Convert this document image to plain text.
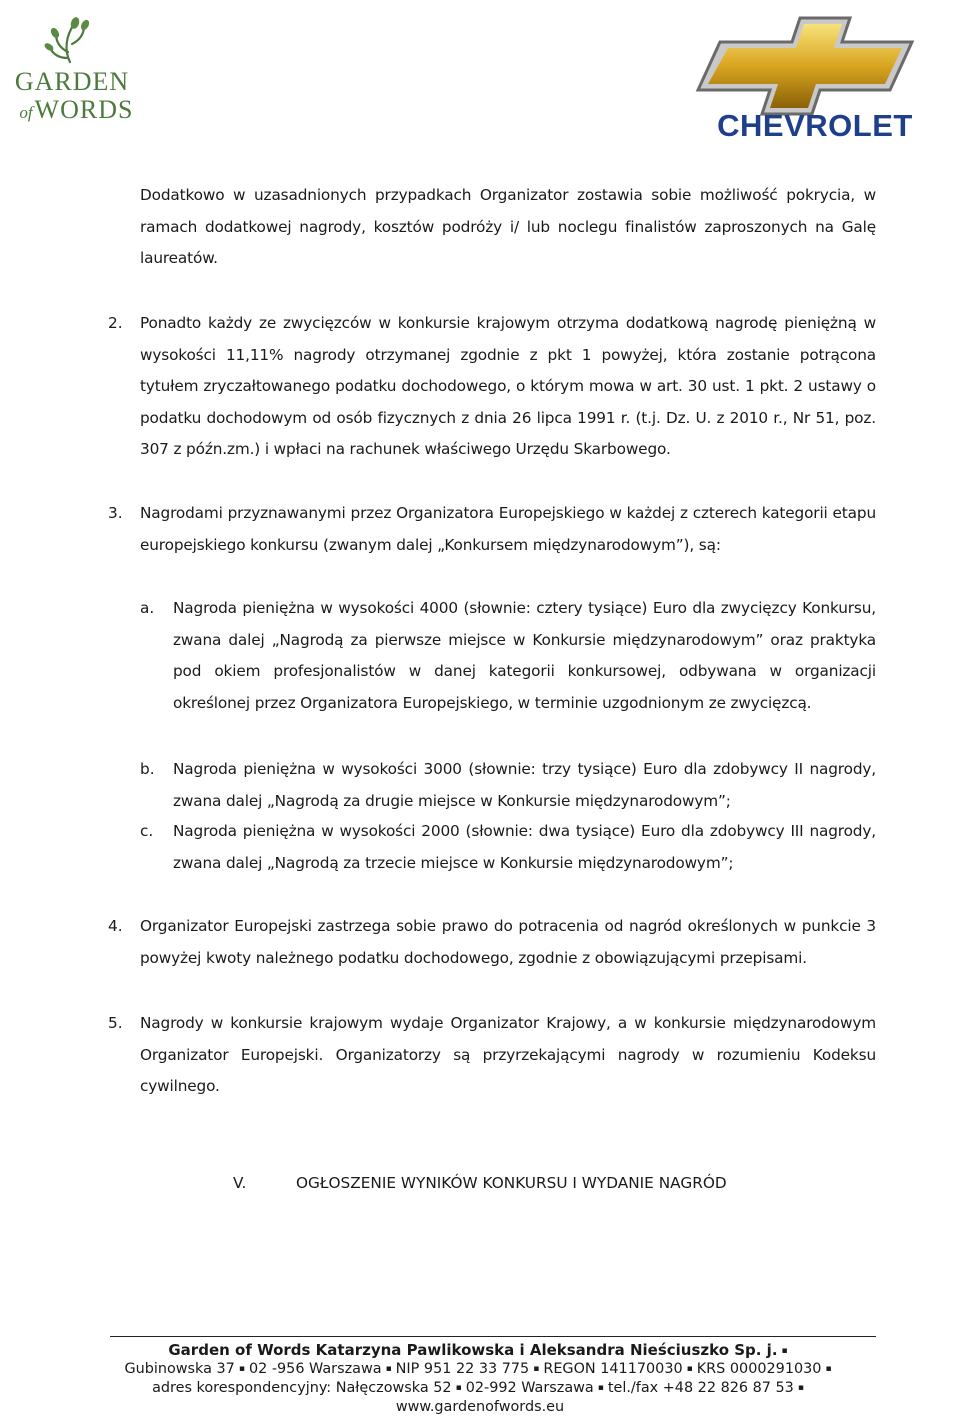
GARDEN
of WORDS	CHEVROLET

Dodatkowo w uzasadnionych przypadkach Organizator zostawia sobie możliwość pokrycia, w ramach dodatkowej nagrody, kosztów podróży i/ lub noclegu finalistów zaproszonych na Galę laureatów.

2. Ponadto każdy ze zwycięzców w konkursie krajowym otrzyma dodatkową nagrodę pieniężną w wysokości 11,11% nagrody otrzymanej zgodnie z pkt 1 powyżej, która zostanie potrącona tytułem zryczałtowanego podatku dochodowego, o którym mowa w art. 30 ust. 1 pkt. 2 ustawy o podatku dochodowym od osób fizycznych z dnia 26 lipca 1991 r. (t.j. Dz. U. z 2010 r., Nr 51, poz. 307 z późn.zm.) i wpłaci na rachunek właściwego Urzędu Skarbowego.

3. Nagrodami przyznawanymi przez Organizatora Europejskiego w każdej z czterech kategorii etapu europejskiego konkursu (zwanym dalej „Konkursem międzynarodowym”), są:

a. Nagroda pieniężna w wysokości 4000 (słownie: cztery tysiące) Euro dla zwycięzcy Konkursu, zwana dalej „Nagrodą za pierwsze miejsce w Konkursie międzynarodowym” oraz praktyka pod okiem profesjonalistów w danej kategorii konkursowej, odbywana w organizacji określonej przez Organizatora Europejskiego, w terminie uzgodnionym ze zwycięzcą.

b. Nagroda pieniężna w wysokości 3000 (słownie: trzy tysiące) Euro dla zdobywcy II nagrody, zwana dalej „Nagrodą za drugie miejsce w Konkursie międzynarodowym”;

c. Nagroda pieniężna w wysokości 2000 (słownie: dwa tysiące) Euro dla zdobywcy III nagrody, zwana dalej „Nagrodą za trzecie miejsce w Konkursie międzynarodowym”;

4. Organizator Europejski zastrzega sobie prawo do potracenia od nagród określonych w punkcie 3 powyżej kwoty należnego podatku dochodowego, zgodnie z obowiązującymi przepisami.

5. Nagrody w konkursie krajowym wydaje Organizator Krajowy, a w konkursie międzynarodowym Organizator Europejski. Organizatorzy są przyrzekającymi nagrody w rozumieniu Kodeksu cywilnego.

V.	OGŁOSZENIE WYNIKÓW KONKURSU I WYDANIE NAGRÓD
Garden of Words Katarzyna Pawlikowska i Aleksandra Nieściuszko Sp. j. ▪
Gubinowska 37 ▪ 02 -956 Warszawa ▪ NIP 951 22 33 775 ▪ REGON 141170030 ▪ KRS 0000291030 ▪
adres korespondencyjny: Nałęczowska 52 ▪ 02-992 Warszawa ▪ tel./fax +48 22 826 87 53 ▪
www.gardenofwords.eu
